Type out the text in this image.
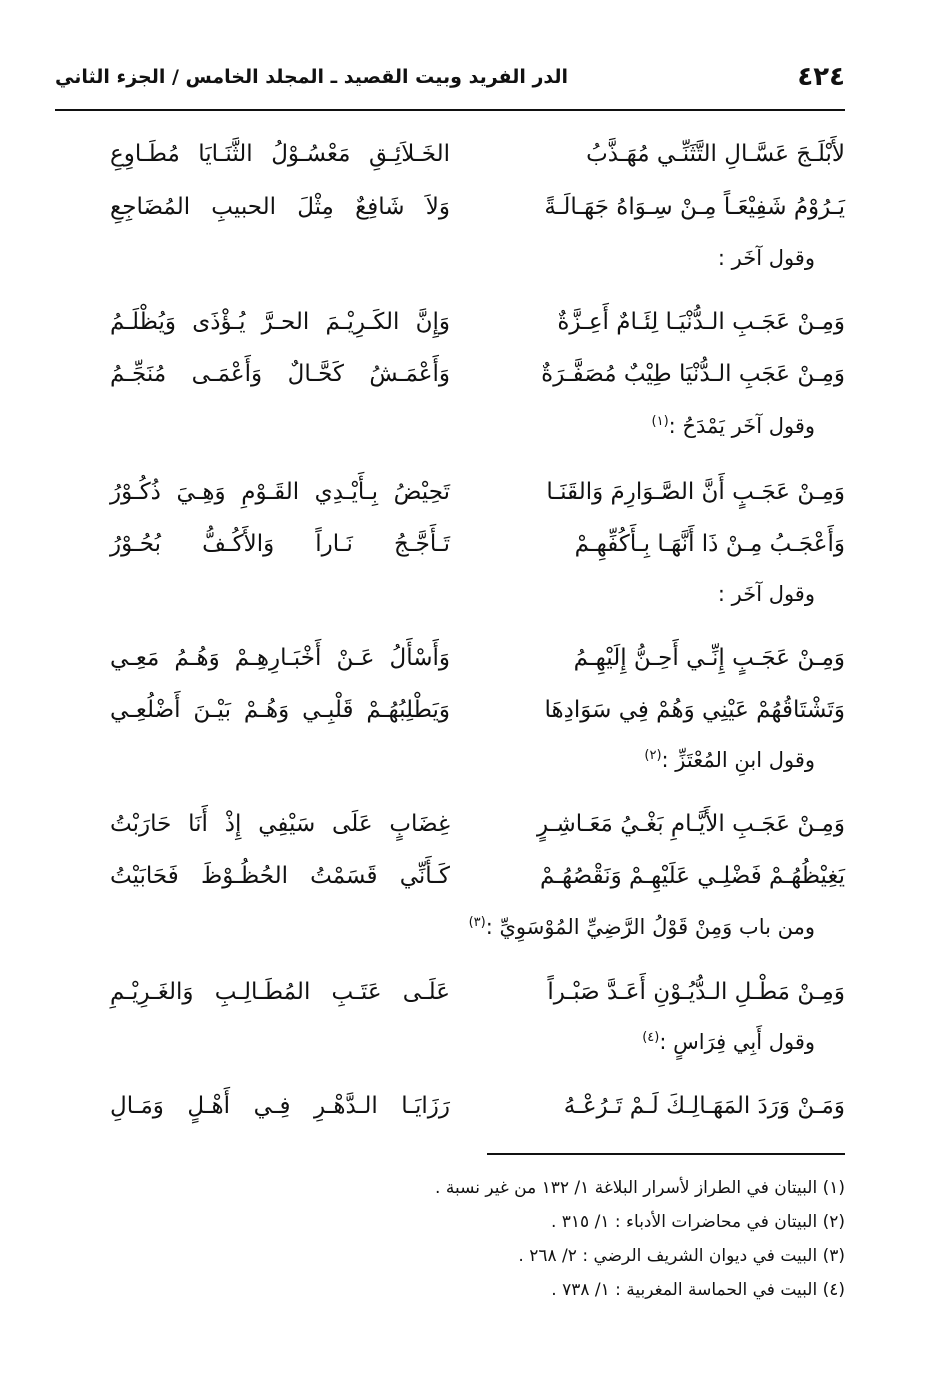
٤٢٤
الدر الفريد وبيت القصيد ـ المجلد الخامس / الجزء الثاني
لأَبْلَـجَ عَسَّـالِ التَّثَنِّـي مُهَـذَّبُ
الخَـلاَئِـقِ مَعْسُـوْلُ الثَّنَـايَا مُطَـاوِعِ
يَـرُوْمُ شَفِيْعَـاً مِـنْ سِـوَاهُ جَهَـالَـةً
وَلاَ شَافِعٌ مِثْلَ الحبيبِ المُضَاجِعِ
وقول آخَر :
وَمِـنْ عَجَـبِ الـدُّنْيَـا لِئَـامٌ أَعِـزَّةٌ
وَإِنَّ الكَـرِيْـمَ الحـرَّ يُـؤْذَى وَيُظْلَـمُ
وَمِـنْ عَجَبِ الـدُّنْيَا طِيْبٌ مُصَفَّـرَةٌ
وَأَعْمَـشُ كَحَّـالٌ وَأَعْمَـى مُنَجِّـمُ
وقول آخَر يَمْدَحُ :$^{(١)}$
وَمِـنْ عَجَـبٍ أَنَّ الصَّـوَارِمَ وَالقَنَـا
تَحِيْضُ بِـأَيْـدِي القَـوْمِ وَهِـيَ ذُكُـوْرُ
وَأَعْجَـبُ مِـنْ ذَا أَنَّهَـا بِـأَكُفِّهِـمْ
تَـأَجَّـجُ نَـاراً وَالأَكُـفُّ بُحُـوْرُ
وقول آخَر :
وَمِـنْ عَجَـبٍ إِنِّـي أَحِـنُّ إِلَيْهِـمُ
وَأَسْأَلُ عَـنْ أَخْبَـارِهِـمْ وَهُـمُ مَعِـي
وَتَشْتَاقُهُمْ عَيْنِي وَهُمْ فِي سَوَادِهَا
وَيَطْلِبُهُـمْ قَلْبِـي وَهُـمْ بَيْـنَ أَضْلُعِـي
وقول ابنِ المُعْتَزِّ :$^{(٢)}$
وَمِـنْ عَجَـبِ الأَيَّـامِ بَغْـيُ مَعَـاشِـرٍ
غِضَابٍ عَلَى سَيْفِي إِذْ أَنَا حَارَبْتُ
يَغِيْظُهُـمْ فَضْلِـي عَلَيْهِـمْ وَنَقْصُهُـمْ
كَـأَنِّي قَسَمْتُ الحُظُـوْظَ فَحَابَيْتُ
ومن باب وَمِنْ قَوْلُ الرَّضِيِّ المُوْسَوِيِّ :$^{(٣)}$
وَمِـنْ مَطْـلِ الـدُّيُـوْنِ أَعَـدَّ صَبْـراً
عَلَـى عَتَـبِ المُطَـالِـبِ وَالغَـرِيْـمِ
وقول أَبِي فِرَاسٍ :$^{(٤)}$
وَمَـنْ وَرَدَ المَهَـالِـكَ لَـمْ تَـرُعْـهُ
رَزَايَـا الـدَّهْـرِ فِـي أَهْـلٍ وَمَـالِ
(١) البيتان في الطراز لأسرار البلاغة ١/ ١٣٢ من غير نسبة .
(٢) البيتان في محاضرات الأدباء : ١/ ٣١٥ .
(٣) البيت في ديوان الشريف الرضي : ٢/ ٢٦٨ .
(٤) البيت في الحماسة المغربية : ١/ ٧٣٨ .
